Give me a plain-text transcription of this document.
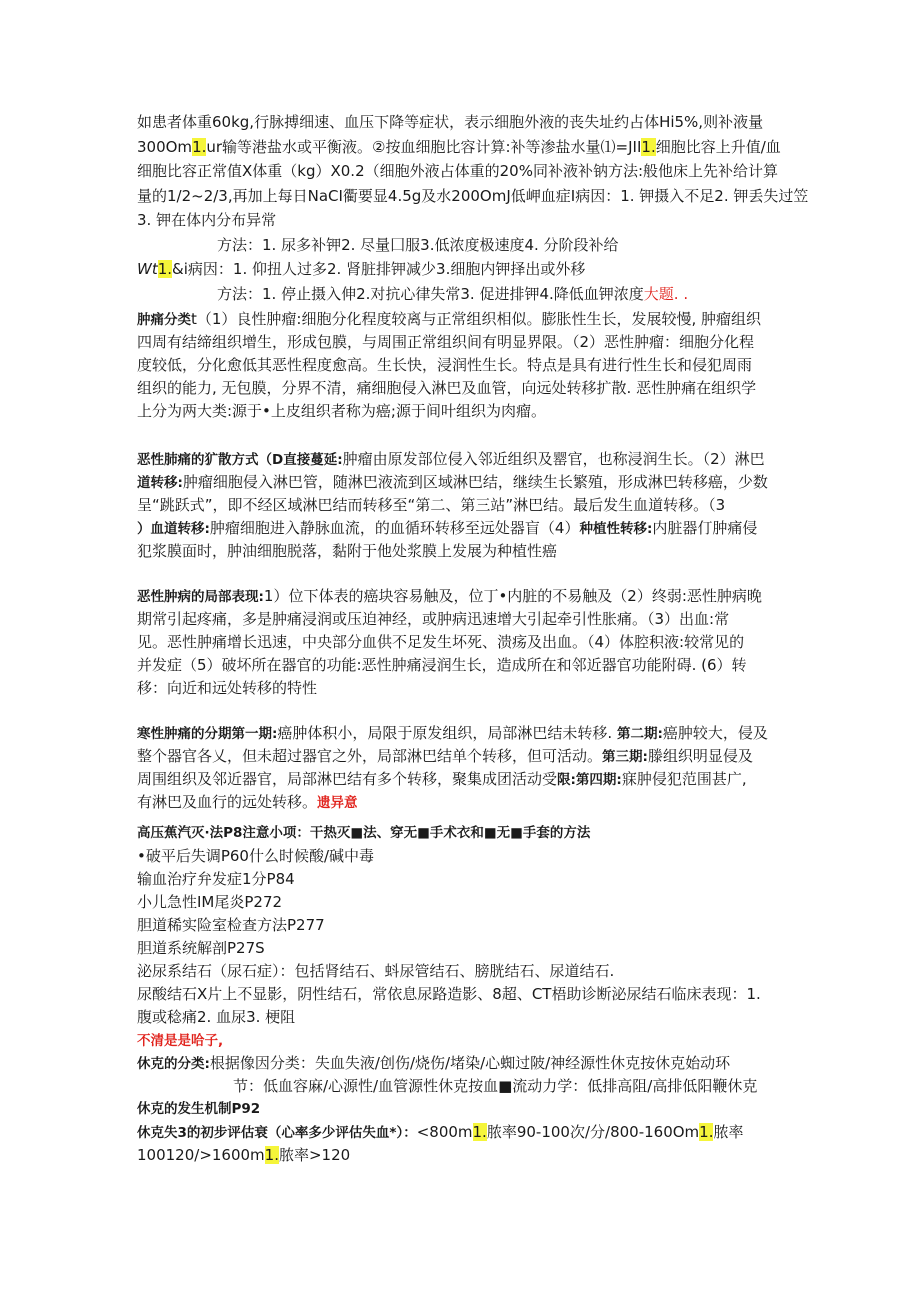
如患者体重60kg,行脉搏细速、血压下降等症状，表示细胞外液的丧失址约占体Hi5%,则补液量
300Om1.ur输等港盐水或平衡液。②按血细胞比容计算:补等渗盐水量⑴=JII1.细胞比容上升值/血
细胞比容正常值X体重（kg）X0.2（细胞外液占体重的20%同补液补钠方法:般他床上先补给计算
量的1/2~2/3,再加上每日NaCI衢要显4.5g及水200OmJ低岬血症I病因：1. 钾摄入不足2. 钾丢失过笠
3. 钾在体内分布异常
方法：1. 尿多补钾2. 尽量囗服3.低浓度极速度4. 分阶段补给
Wt1.&i病因：1. 仰扭人过多2. 肾脏排钾减少3.细胞内钾择出或外移
方法：1. 停止摄入伸2.对抗心律失常3. 促进排钾4.降低血钾浓度大题. .
肿痛分类t（1）良性肿瘤:细胞分化程度较离与正常组织相似。膨胀性生长，发展较慢, 肿瘤组织
四周有结缔组织增生，形成包膜，与周围正常组织间有明显界限。（2）恶性肿瘤：细胞分化程
度较低，分化愈低其恶性程度愈高。生长快，浸润性生长。特点是具有进行性生长和侵犯周雨
组织的能力, 无包膜，分界不清，痛细胞侵入淋巴及血管，向远处转移扩散. 恶性肿痛在组织学
上分为两大类:源于•上皮组织者称为癌;源于间叶组织为肉瘤。
恶性肺痛的犷散方式（D直接蔓延:肿瘤由原发部位侵入邻近组织及罂官，也称浸润生长。（2）淋巴
道转移:肿瘤细胞侵入淋巴管，随淋巴液流到区域淋巴结，继续生长繁殖，形成淋巴转移癌，少数
呈“跳跃式”，即不经区域淋巴结而转移至“第二、第三站”淋巴结。最后发生血道转移。（3
）血道转移:肿瘤细胞进入静脉血流，的血循环转移至远处器盲（4）种植性转移:内脏器仃肿痛侵
犯浆膜面时，肿油细胞脱落，黏附于他处浆膜上发展为种植性癌
恶性肿病的局部表现:1）位下体表的癌块容易触及，位丁•内脏的不易触及（2）终弱:恶性肿病晚
期常引起疼痛，多是肿痛浸润或压迫神经，或肿病迅速增大引起牵引性胀痛。（3）出血:常
见。恶性肿痛增长迅速，中央部分血供不足发生坏死、溃疡及出血。（4）体腔积液:较常见的
并发症（5）破坏所在器官的功能:恶性肿痛浸润生长，造成所在和邻近器官功能附碍. (6）转
移：向近和远处转移的特性
寒性肿痛的分期第一期:癌肿体积小，局限于原发组织，局部淋巴结未转移. 第二期:癌肿较大，侵及
整个器官各乂，但未超过器官之外，局部淋巴结单个转移，但可活动。第三期:滕组织明显侵及
周围组织及邻近器官，局部淋巴结有多个转移，聚集成团活动受限:第四期:寐肿侵犯范围甚广,
有淋巴及血行的远处转移。遗异意
高压蕉汽灭·法P8注意小项：干热灭■法、穿无■手术衣和■无■手套的方法
•破平后失调P60什么时候酸/碱中毒
输血治疗弁发症1分P84
小儿急性IM尾炎P272
胆道稀实险室检查方法P277
胆道系统解剖P27S
泌尿系结石（尿石症）：包括肾结石、蚪尿管结石、膀胱结石、尿道结石.
尿酸结石X片上不显影，阴性结石，常依息尿路造影、8超、CT梧助诊断泌尿结石临床表现：1.
腹或稔痛2. 血尿3. 梗阻
不清是是哈子,
休克的分类:根据像因分类：失血失液/创伤/烧伤/堵染/心蜘过陂/神经源性休克按休克始动环
节：低血容麻/心源性/血管源性休克按血■流动力学：低排高阻/高排低阳鞭休克
休克的发生机制P92
休克失3的初步评估衰（心率多少评估失血*）：<800m1.脓率90-100次/分/800-160Om1.脓率
100120/>1600m1.脓率>120
